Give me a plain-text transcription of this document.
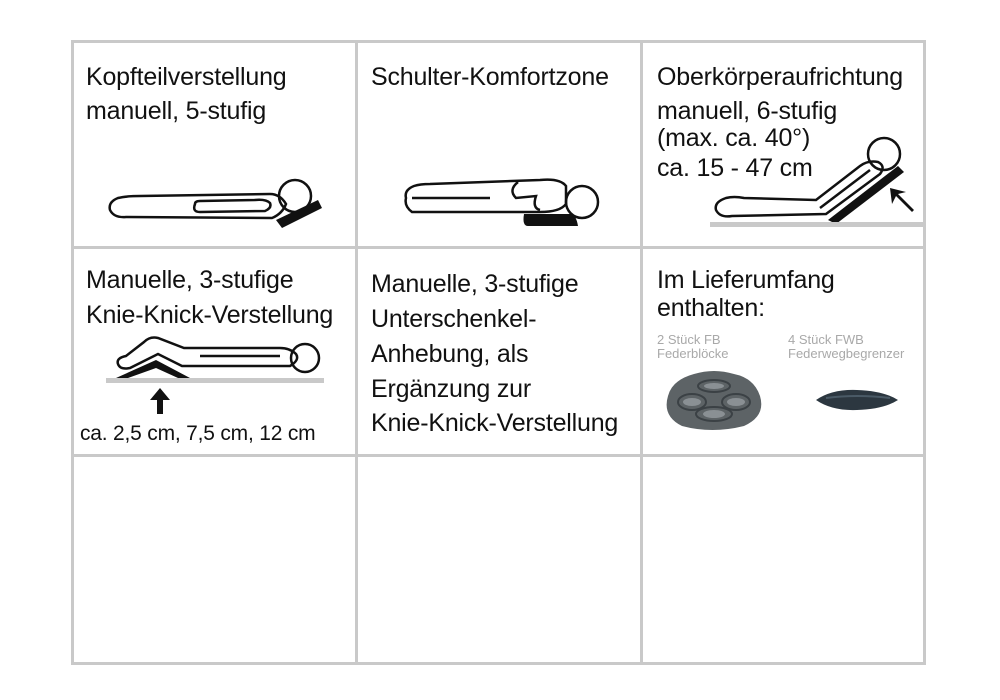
Kopfteilverstellung
manuell, 5-stufig
Schulter-Komfortzone Oberkörperaufrichtung
manuell, 6-stufig
(max. ca. 40°)
ca. 15 - 47 cm
Manuelle, 3-stufige
Knie-Knick-Verstellung
ca. 2,5 cm, 7,5 cm, 12 cm
Manuelle, 3-stufige
Unterschenkel-
Anhebung, als
Ergänzung zur
Knie-Knick-Verstellung
Im Lieferumfang
enthalten:
2 Stück FB
Federblöcke
4 Stück FWB
Federwegbegrenzer
